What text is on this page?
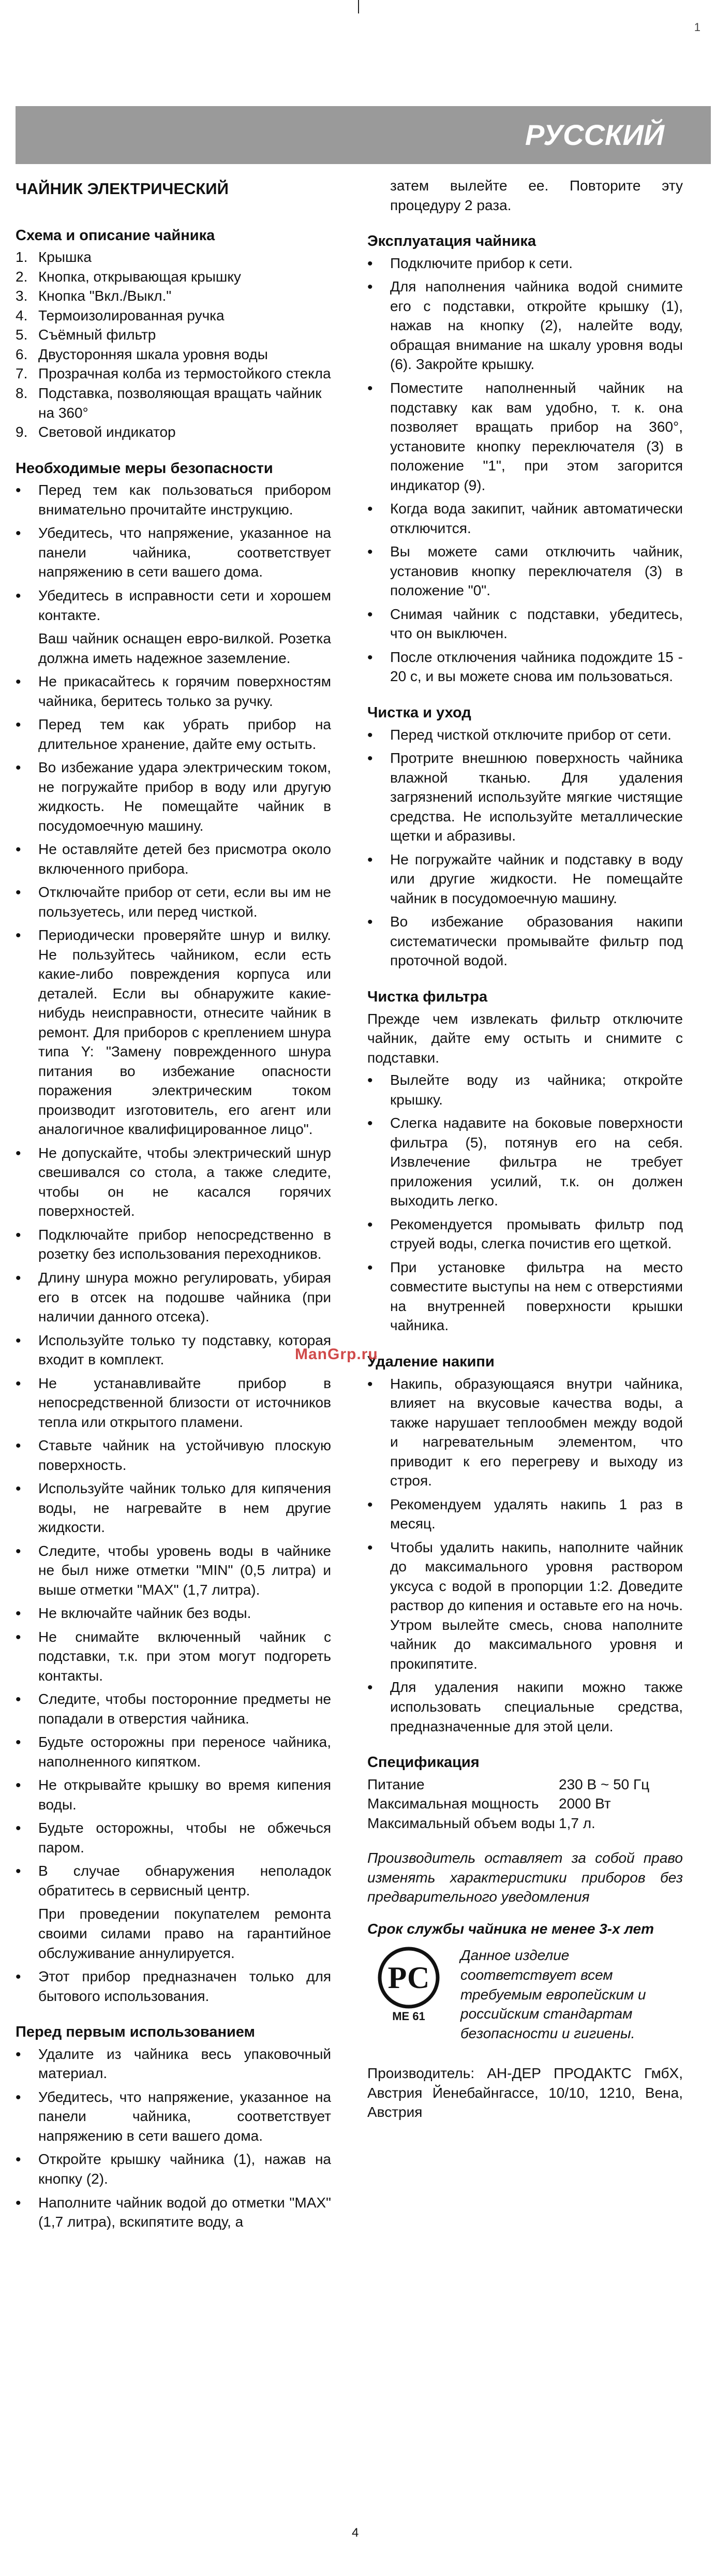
1
РУССКИЙ
ЧАЙНИК ЭЛЕКТРИЧЕСКИЙ
Схема и описание чайника
1. Крышка
2. Кнопка, открывающая крышку
3. Кнопка "Вкл./Выкл."
4. Термоизолированная ручка
5. Съёмный фильтр
6. Двусторонняя шкала уровня воды
7. Прозрачная колба из термостойкого стекла
8. Подставка, позволяющая вращать чайник на 360°
9. Световой индикатор
Необходимые меры безопасности
• Перед тем как пользоваться прибором внимательно прочитайте инструкцию.
• Убедитесь, что напряжение, указанное на панели чайника, соответствует напряжению в сети вашего дома.
• Убедитесь в исправности сети и хорошем контакте.
Ваш чайник оснащен евро-вилкой. Розетка должна иметь надежное заземление.
• Не прикасайтесь к горячим поверхностям чайника, беритесь только за ручку.
• Перед тем как убрать прибор на длительное хранение, дайте ему остыть.
• Во избежание удара электрическим током, не погружайте прибор в воду или другую жидкость. Не помещайте чайник в посудомоечную машину.
• Не оставляйте детей без присмотра около включенного прибора.
• Отключайте прибор от сети, если вы им не пользуетесь, или перед чисткой.
• Периодически проверяйте шнур и вилку. Не пользуйтесь чайником, если есть какие-либо повреждения корпуса или деталей. Если вы обнаружите какие-нибудь неисправности, отнесите чайник в ремонт. Для приборов с креплением шнура типа Y: "Замену поврежденного шнура питания во избежание опасности поражения электрическим током производит изготовитель, его агент или аналогичное квалифицированное лицо".
• Не допускайте, чтобы электрический шнур свешивался со стола, а также следите, чтобы он не касался горячих поверхностей.
• Подключайте прибор непосредственно в розетку без использования переходников.
• Длину шнура можно регулировать, убирая его в отсек на подошве чайника (при наличии данного отсека).
• Используйте только ту подставку, которая входит в комплект.
• Не устанавливайте прибор в непосредственной близости от источников тепла или открытого пламени.
• Ставьте чайник на устойчивую плоскую поверхность.
• Используйте чайник только для кипячения воды, не нагревайте в нем другие жидкости.
• Следите, чтобы уровень воды в чайнике не был ниже отметки "MIN" (0,5 литра) и выше отметки "MAX" (1,7 литра).
• Не включайте чайник без воды.
• Не снимайте включенный чайник с подставки, т.к. при этом могут подгореть контакты.
• Следите, чтобы посторонние предметы не попадали в отверстия чайника.
• Будьте осторожны при переносе чайника, наполненного кипятком.
• Не открывайте крышку во время кипения воды.
• Будьте осторожны, чтобы не обжечься паром.
• В случае обнаружения неполадок обратитесь в сервисный центр.
При проведении покупателем ремонта своими силами право на гарантийное обслуживание аннулируется.
• Этот прибор предназначен только для бытового использования.
Перед первым использованием
• Удалите из чайника весь упаковочный материал.
• Убедитесь, что напряжение, указанное на панели чайника, соответствует напряжению в сети вашего дома.
• Откройте крышку чайника (1), нажав на кнопку (2).
• Наполните чайник водой до отметки "MAX" (1,7 литра), вскипятите воду, а
затем вылейте ее. Повторите эту процедуру 2 раза.
Эксплуатация чайника
• Подключите прибор к сети.
• Для наполнения чайника водой снимите его с подставки, откройте крышку (1), нажав на кнопку (2), налейте воду, обращая внимание на шкалу уровня воды (6). Закройте крышку.
• Поместите наполненный чайник на подставку как вам удобно, т. к. она позволяет вращать прибор на 360°, установите кнопку переключателя (3) в положение "1", при этом загорится индикатор (9).
• Когда вода закипит, чайник автоматически отключится.
• Вы можете сами отключить чайник, установив кнопку переключателя (3) в положение "0".
• Снимая чайник с подставки, убедитесь, что он выключен.
• После отключения чайника подождите 15 - 20 с, и вы можете снова им пользоваться.
Чистка и уход
• Перед чисткой отключите прибор от сети.
• Протрите внешнюю поверхность чайника влажной тканью. Для удаления загрязнений используйте мягкие чистящие средства. Не используйте металлические щетки и абразивы.
• Не погружайте чайник и подставку в воду или другие жидкости. Не помещайте чайник в посудомоечную машину.
• Во избежание образования накипи систематически промывайте фильтр под проточной водой.
Чистка фильтра
Прежде чем извлекать фильтр отключите чайник, дайте ему остыть и снимите с подставки.
• Вылейте воду из чайника; откройте крышку.
• Слегка надавите на боковые поверхности фильтра (5), потянув его на себя. Извлечение фильтра не требует приложения усилий, т.к. он должен выходить легко.
• Рекомендуется промывать фильтр под струей воды, слегка почистив его щеткой.
• При установке фильтра на место совместите выступы на нем с отверстиями на внутренней поверхности крышки чайника.
Удаление накипи
• Накипь, образующаяся внутри чайника, влияет на вкусовые качества воды, а также нарушает теплообмен между водой и нагревательным элементом, что приводит к его перегреву и выходу из строя.
• Рекомендуем удалять накипь 1 раз в месяц.
• Чтобы удалить накипь, наполните чайник до максимального уровня раствором уксуса с водой в пропорции 1:2. Доведите раствор до кипения и оставьте его на ночь. Утром вылейте смесь, снова наполните чайник до максимального уровня и прокипятите.
• Для удаления накипи можно также использовать специальные средства, предназначенные для этой цели.
Спецификация
Питание	230 В ~ 50 Гц
Максимальная мощность	2000 Вт
Максимальный объем воды 1,7 л.
Производитель оставляет за собой право изменять характеристики приборов без предварительного уведомления
Срок службы чайника не менее 3-х лет
РС
МЕ 61
Данное изделие соответствует всем требуемым европейским и российским стандартам безопасности и гигиены.
Производитель: АН-ДЕР ПРОДАКТС ГмбХ, Австрия Йенебайнгассе, 10/10, 1210, Вена, Австрия
ManGrp.ru
4
